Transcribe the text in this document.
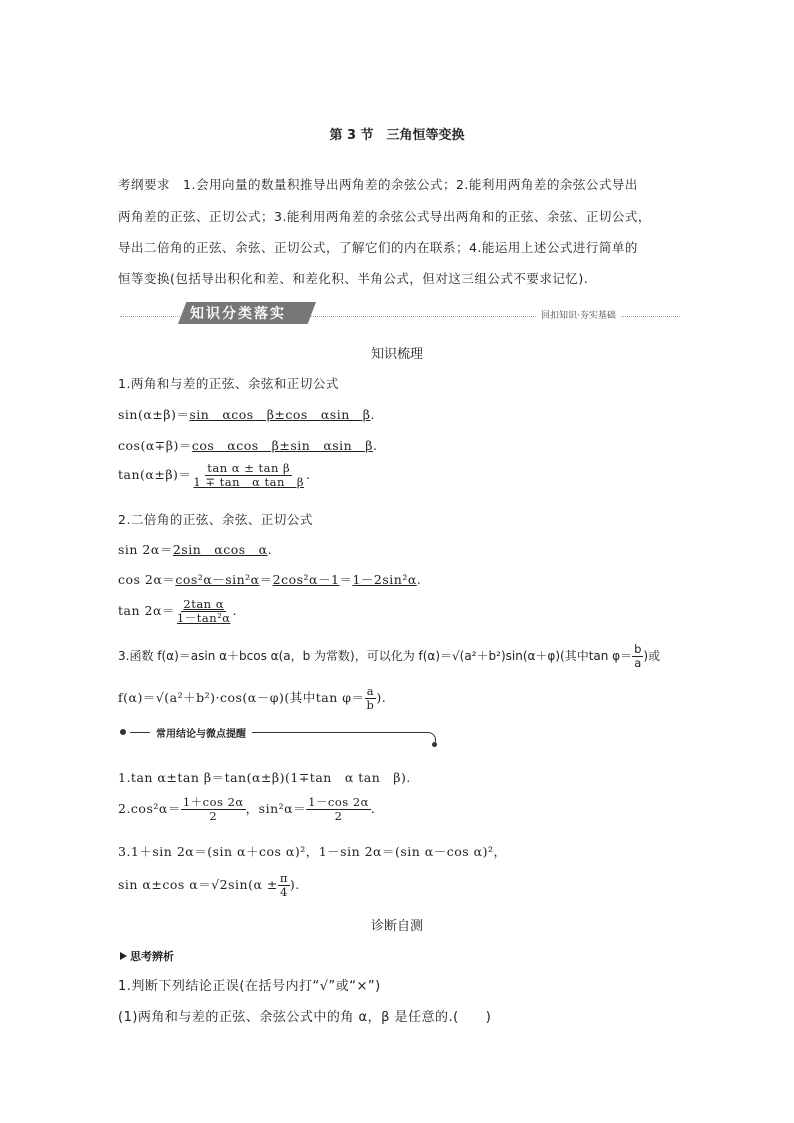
第 3 节　三角恒等变换
考纲要求　 1.会用向量的数量积推导出两角差的余弦公式；2.能利用两角差的余弦公式导出
两角差的正弦、正切公式；3.能利用两角差的余弦公式导出两角和的正弦、余弦、正切公式，
导出二倍角的正弦、余弦、正切公式，了解它们的内在联系；4.能运用上述公式进行简单的
恒等变换(包括导出积化和差、和差化积、半角公式，但对这三组公式不要求记忆).
知识分类落实	回扣知识·夯实基础
知识梳理
1.两角和与差的正弦、余弦和正切公式
sin(α±β)＝sin　αcos　β±cos　αsin　β.
cos(α∓β)＝cos　αcos　β±sin　αsin　β.
$\tan(\alpha\pm\beta)= \frac{\text{tan α ± tan β}}{\text{1 ∓ tan　α tan　β}}$ .
2.二倍角的正弦、余弦、正切公式
sin 2α＝2sin　αcos　α.
cos 2α＝cos²α－sin²α＝2cos²α－1＝1－2sin²α.
$\tan 2\alpha= \frac{\text{2tan α}}{\text{1－tan²α}}$ .
3.函数 f(α)＝asin α＋bcos α(a，b 为常数)，可以化为 f(α)＝√(a²＋b²)sin(α＋φ)(其中$\tan \varphi= \frac{b}{a}$ )或
f(α)＝√(a²＋b²)·cos(α－φ)(其中$\tan \varphi= \frac{a}{b}$ ).
常用结论与微点提醒
1.tan α±tan β＝tan(α±β)(1∓tan　α tan　β).
$2.\cos^2\alpha= \frac{1+\cos 2\alpha}{2}$ ，$\sin^2\alpha= \frac{1-\cos 2\alpha}{2}$ .
3.1＋sin 2α＝(sin α＋cos α)²，1－sin 2α＝(sin α－cos α)²，
sin α±cos $\alpha=√2\sin(\alpha \pm \frac{\pi}{4}$ ).
诊断自测
思考辨析
1.判断下列结论正误(在括号内打“√”或“×”)
(1)两角和与差的正弦、余弦公式中的角 α，β 是任意的.(　　)
